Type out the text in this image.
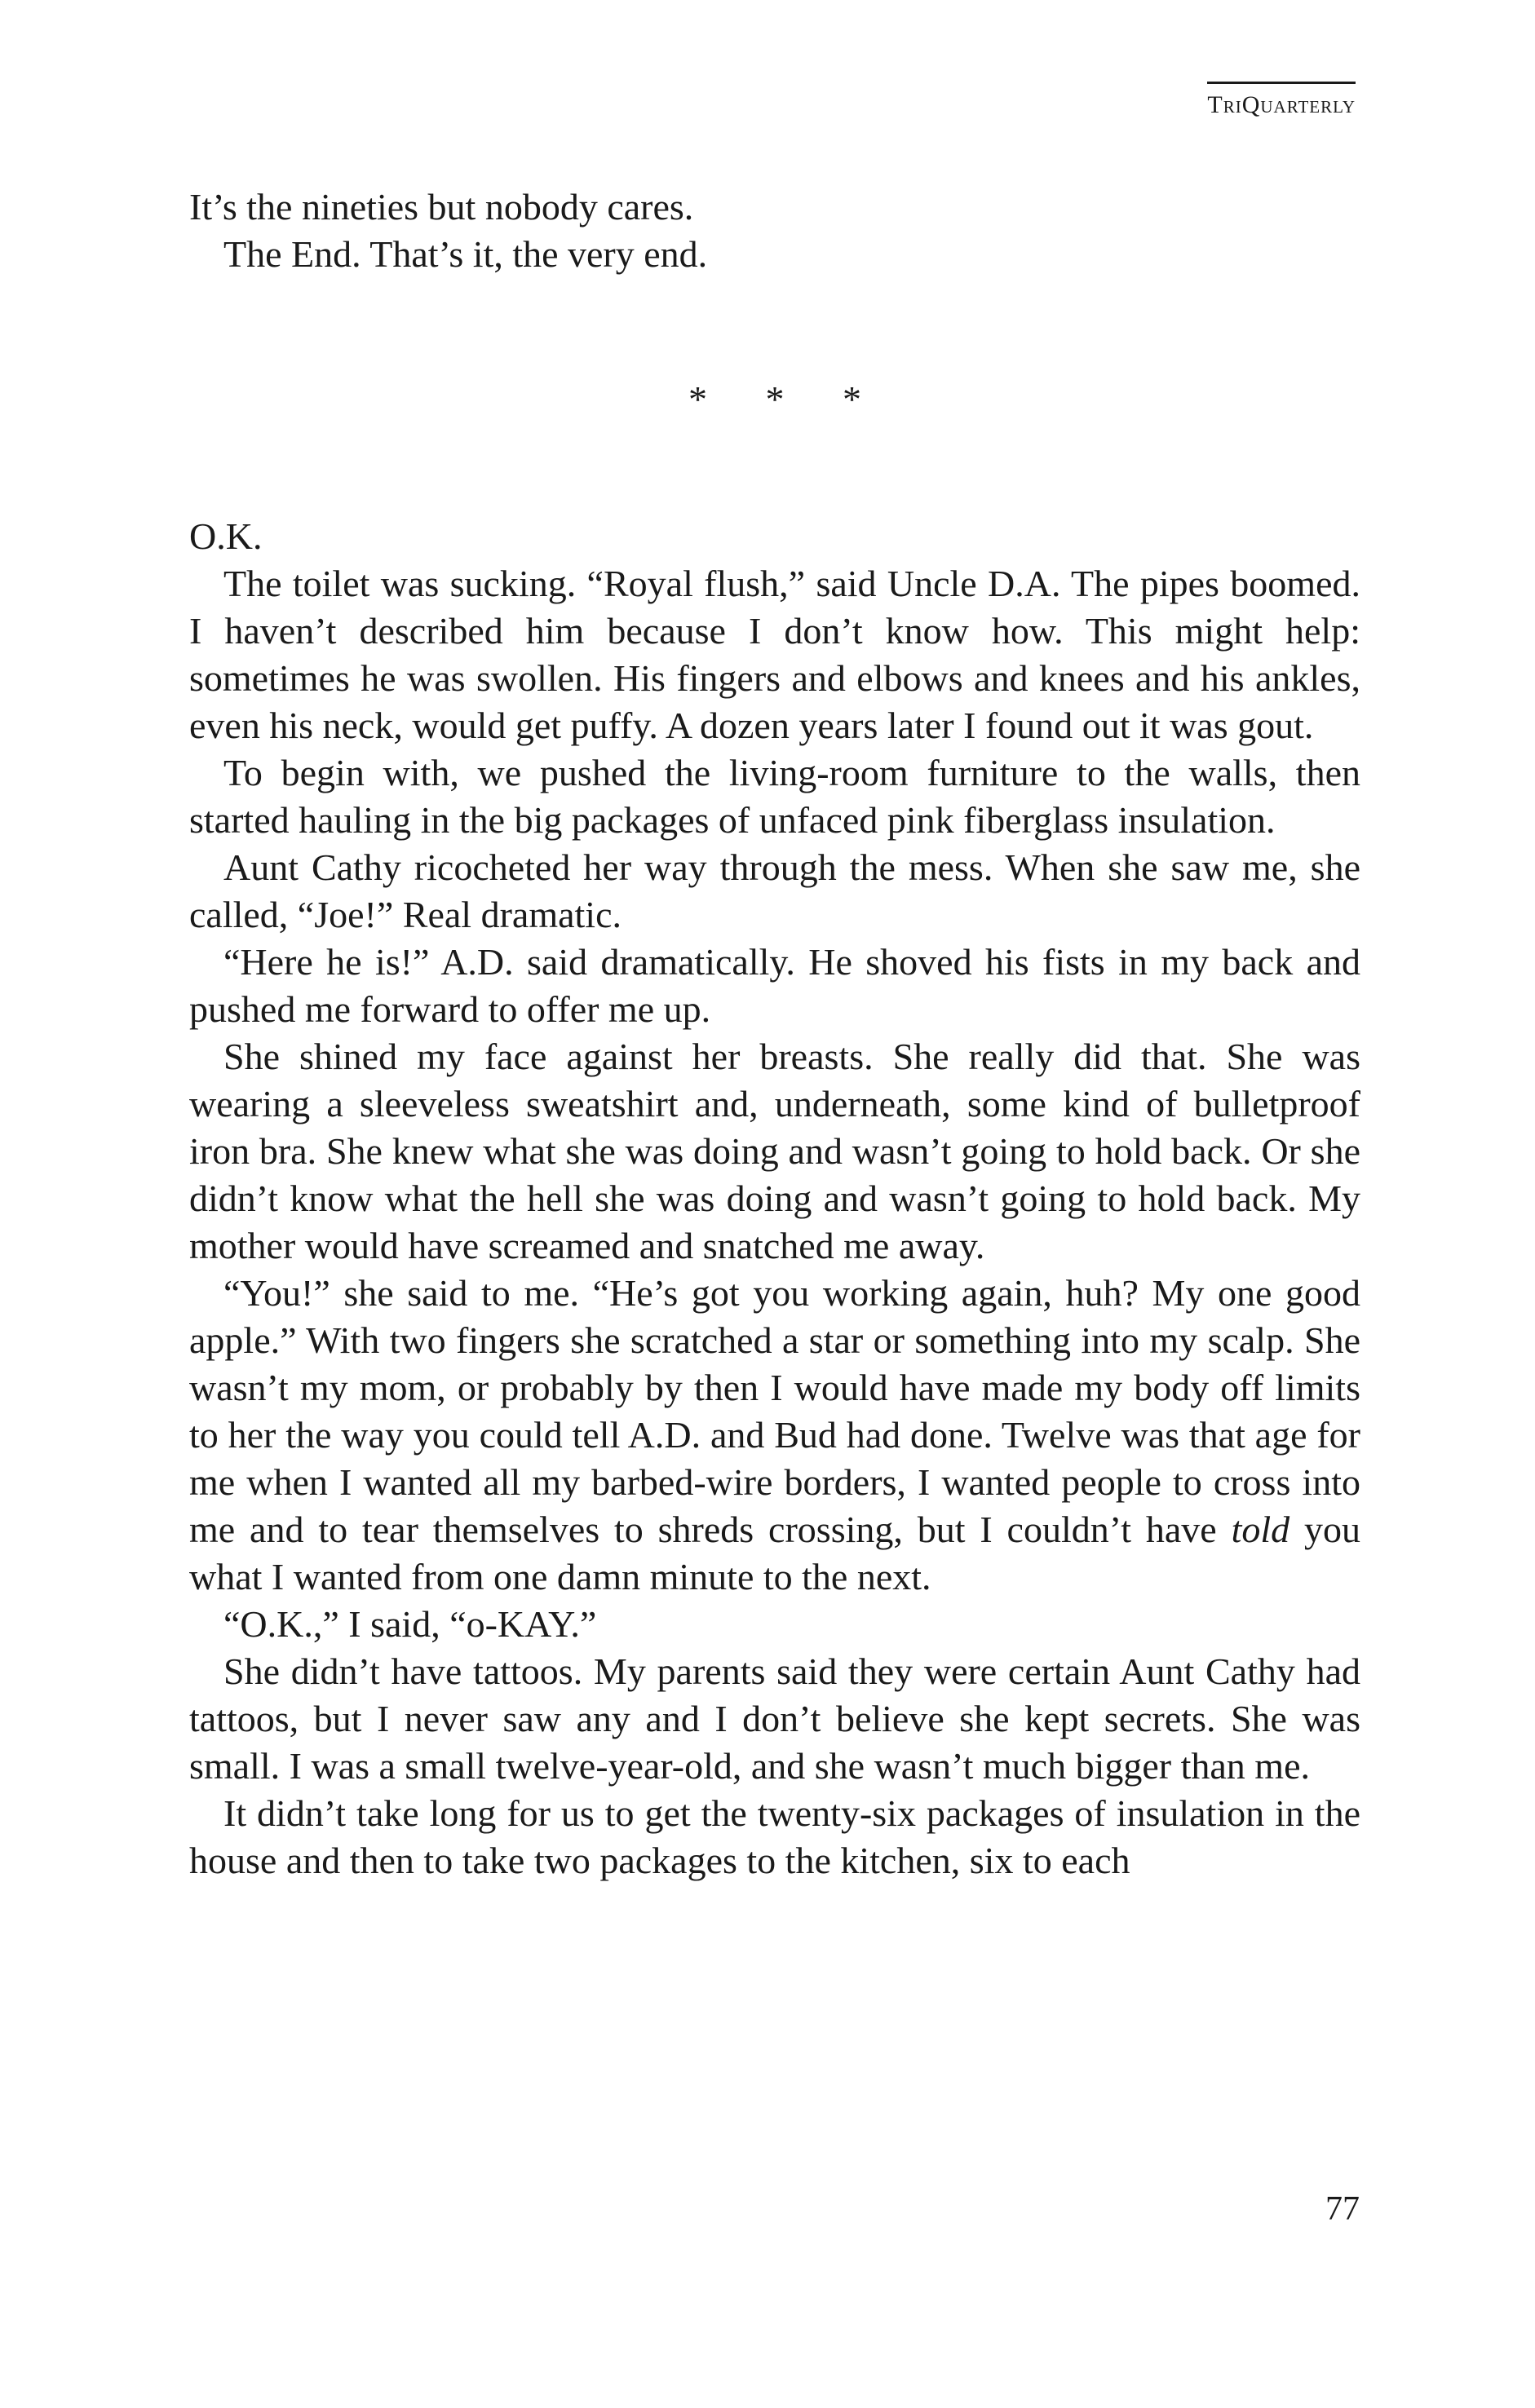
TriQuarterly

It’s the nineties but nobody cares.

The End. That’s it, the very end.

* * *

O.K.

The toilet was sucking. “Royal flush,” said Uncle D.A. The pipes boomed. I haven’t described him because I don’t know how. This might help: sometimes he was swollen. His fingers and elbows and knees and his ankles, even his neck, would get puffy. A dozen years later I found out it was gout.

To begin with, we pushed the living-room furniture to the walls, then started hauling in the big packages of unfaced pink fiberglass insulation.

Aunt Cathy ricocheted her way through the mess. When she saw me, she called, “Joe!” Real dramatic.

“Here he is!” A.D. said dramatically. He shoved his fists in my back and pushed me forward to offer me up.

She shined my face against her breasts. She really did that. She was wearing a sleeveless sweatshirt and, underneath, some kind of bulletproof iron bra. She knew what she was doing and wasn’t going to hold back. Or she didn’t know what the hell she was doing and wasn’t going to hold back. My mother would have screamed and snatched me away.

“You!” she said to me. “He’s got you working again, huh? My one good apple.” With two fingers she scratched a star or something into my scalp. She wasn’t my mom, or probably by then I would have made my body off limits to her the way you could tell A.D. and Bud had done. Twelve was that age for me when I wanted all my barbed-wire borders, I wanted people to cross into me and to tear themselves to shreds crossing, but I couldn’t have told you what I wanted from one damn minute to the next.

“O.K.,” I said, “o-KAY.”

She didn’t have tattoos. My parents said they were certain Aunt Cathy had tattoos, but I never saw any and I don’t believe she kept secrets. She was small. I was a small twelve-year-old, and she wasn’t much bigger than me.

It didn’t take long for us to get the twenty-six packages of insulation in the house and then to take two packages to the kitchen, six to each

77
